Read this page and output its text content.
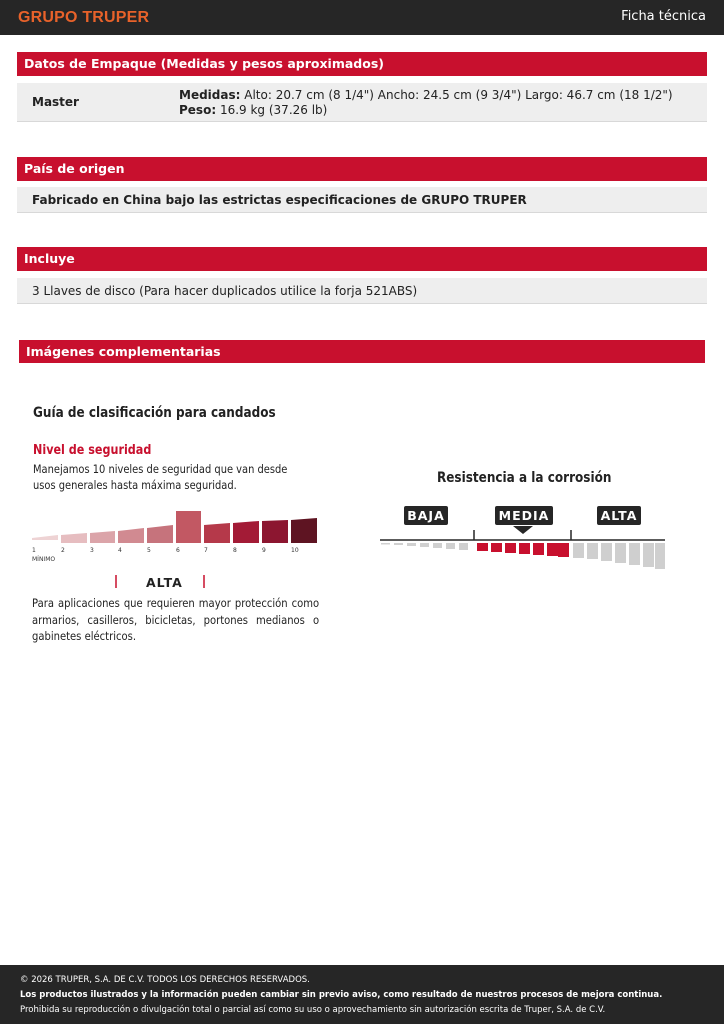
GRUPO TRUPER	Ficha técnica
Datos de Empaque (Medidas y pesos aproximados)
Master	Medidas: Alto: 20.7 cm (8 1/4") Ancho: 24.5 cm (9 3/4") Largo: 46.7 cm (18 1/2") Peso: 16.9 kg (37.26 lb)
País de origen
Fabricado en China bajo las estrictas especificaciones de GRUPO TRUPER
Incluye
3 Llaves de disco (Para hacer duplicados utilice la forja 521ABS)
Imágenes complementarias
Guía de clasificación para candados
Nivel de seguridad
Manejamos 10 niveles de seguridad que van desde usos generales hasta máxima seguridad.
1	2	3	4	5	6	7	8	9	10
MÍNIMO
BAJA	MEDIA	ALTA
ALTA
Para aplicaciones que requieren mayor protección como armarios, casilleros, bicicletas, portones medianos o gabinetes eléctricos.
Resistencia a la corrosión
© 2026 TRUPER, S.A. DE C.V. TODOS LOS DERECHOS RESERVADOS.
Los productos ilustrados y la información pueden cambiar sin previo aviso, como resultado de nuestros procesos de mejora continua.
Prohibida su reproducción o divulgación total o parcial así como su uso o aprovechamiento sin autorización escrita de Truper, S.A. de C.V.
